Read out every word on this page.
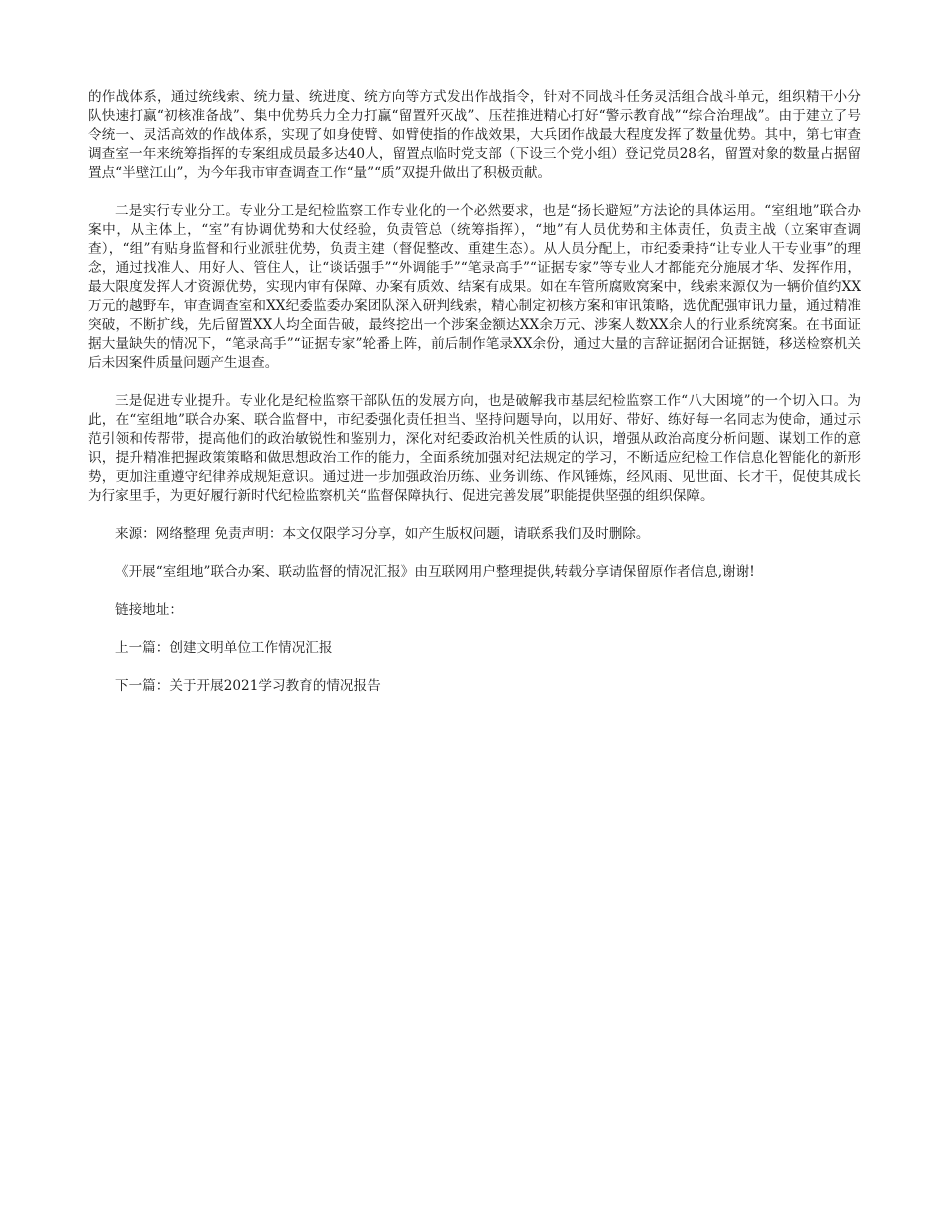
的作战体系，通过统线索、统力量、统进度、统方向等方式发出作战指令，针对不同战斗任务灵活组合战斗单元，组织精干小分队快速打赢“初核准备战”、集中优势兵力全力打赢“留置歼灭战”、压茬推进精心打好“警示教育战”“综合治理战”。由于建立了号令统一、灵活高效的作战体系，实现了如身使臂、如臂使指的作战效果，大兵团作战最大程度发挥了数量优势。其中，第七审查调查室一年来统筹指挥的专案组成员最多达40人，留置点临时党支部（下设三个党小组）登记党员28名，留置对象的数量占据留置点“半壁江山”，为今年我市审查调查工作“量”“质”双提升做出了积极贡献。

二是实行专业分工。专业分工是纪检监察工作专业化的一个必然要求，也是“扬长避短”方法论的具体运用。“室组地”联合办案中，从主体上，“室”有协调优势和大仗经验，负责管总（统筹指挥），“地”有人员优势和主体责任，负责主战（立案审查调查），“组”有贴身监督和行业派驻优势，负责主建（督促整改、重建生态）。从人员分配上，市纪委秉持“让专业人干专业事”的理念，通过找准人、用好人、管住人，让“谈话强手”“外调能手”“笔录高手”“证据专家”等专业人才都能充分施展才华、发挥作用，最大限度发挥人才资源优势，实现内审有保障、办案有质效、结案有成果。如在车管所腐败窝案中，线索来源仅为一辆价值约XX万元的越野车，审查调查室和XX纪委监委办案团队深入研判线索，精心制定初核方案和审讯策略，选优配强审讯力量，通过精准突破，不断扩线，先后留置XX人均全面告破，最终挖出一个涉案金额达XX余万元、涉案人数XX余人的行业系统窝案。在书面证据大量缺失的情况下，“笔录高手”“证据专家”轮番上阵，前后制作笔录XX余份，通过大量的言辞证据闭合证据链，移送检察机关后未因案件质量问题产生退查。

三是促进专业提升。专业化是纪检监察干部队伍的发展方向，也是破解我市基层纪检监察工作“八大困境”的一个切入口。为此，在“室组地”联合办案、联合监督中，市纪委强化责任担当、坚持问题导向，以用好、带好、练好每一名同志为使命，通过示范引领和传帮带，提高他们的政治敏锐性和鉴别力，深化对纪委政治机关性质的认识，增强从政治高度分析问题、谋划工作的意识，提升精准把握政策策略和做思想政治工作的能力，全面系统加强对纪法规定的学习，不断适应纪检工作信息化智能化的新形势，更加注重遵守纪律养成规矩意识。通过进一步加强政治历练、业务训练、作风锤炼，经风雨、见世面、长才干，促使其成长为行家里手，为更好履行新时代纪检监察机关“监督保障执行、促进完善发展”职能提供坚强的组织保障。

来源：网络整理 免责声明：本文仅限学习分享，如产生版权问题，请联系我们及时删除。

《开展“室组地”联合办案、联动监督的情况汇报》由互联网用户整理提供,转载分享请保留原作者信息,谢谢!

链接地址：

上一篇：创建文明单位工作情况汇报

下一篇：关于开展2021学习教育的情况报告
